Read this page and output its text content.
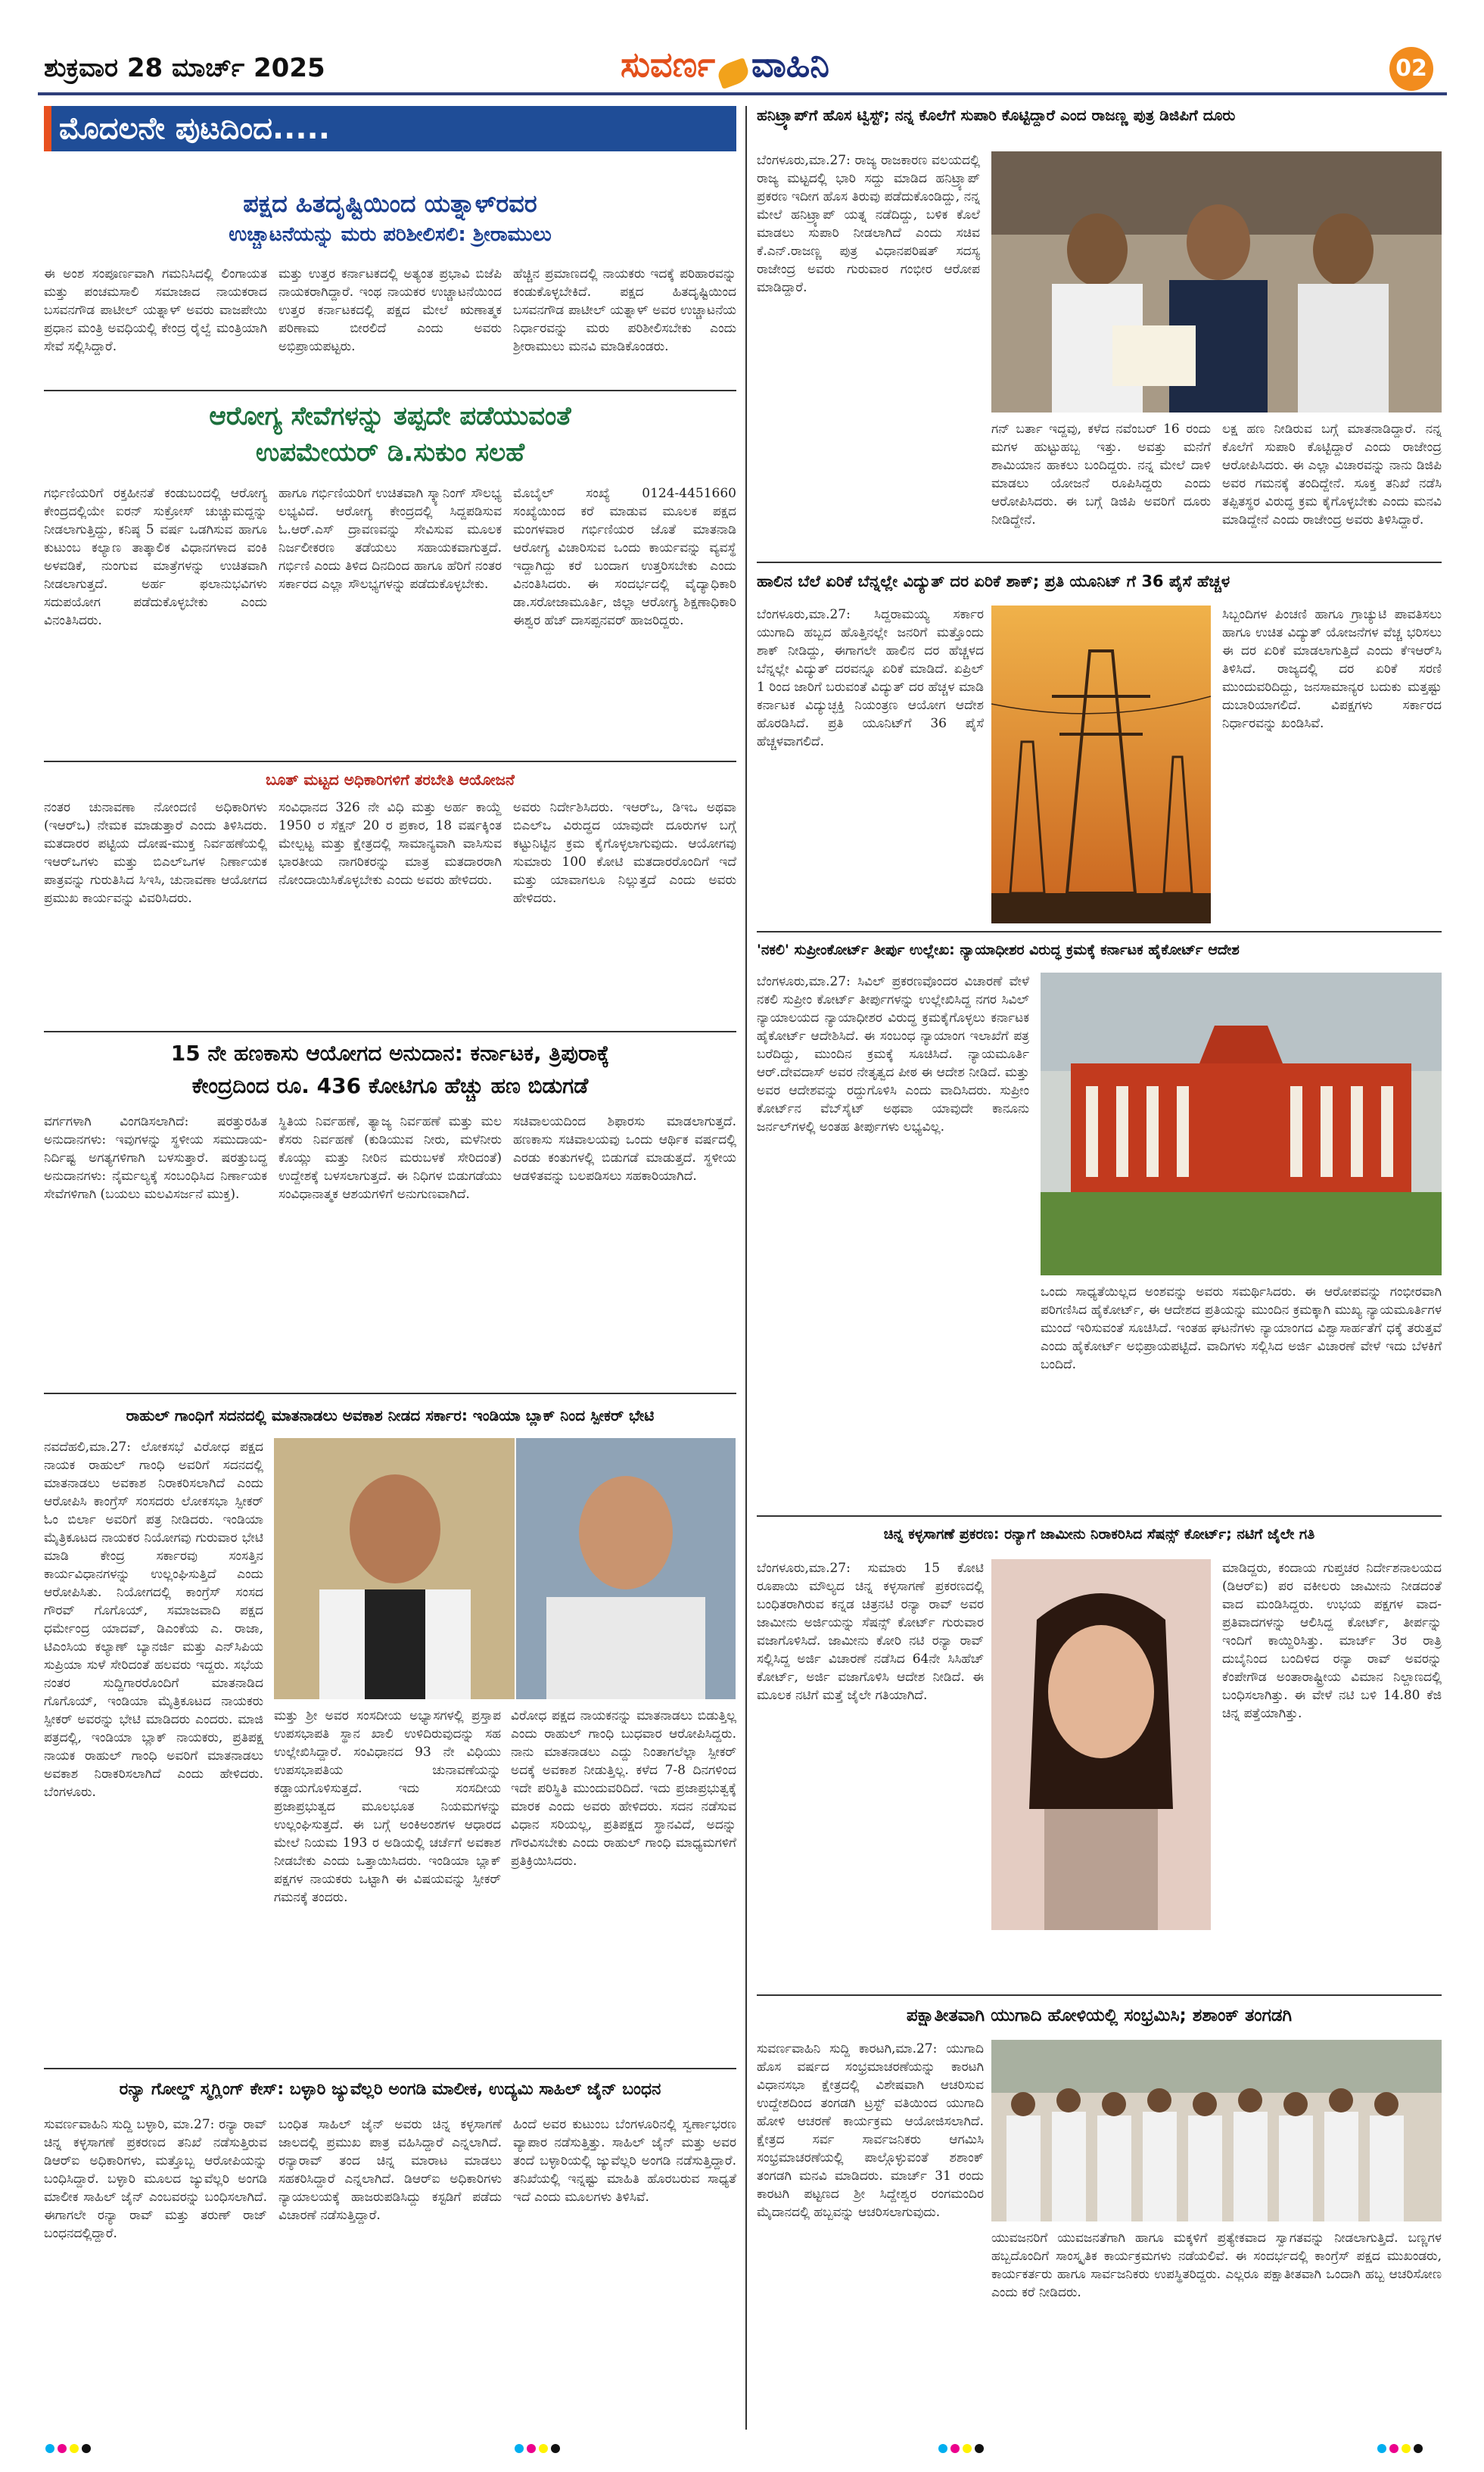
ಶುಕ್ರವಾರ 28 ಮಾರ್ಚ್ 2025	ಸುವರ್ಣ ವಾಹಿನಿ	02
ಮೊದಲನೇ ಪುಟದಿಂದ.....
ಪಕ್ಷದ ಹಿತದೃಷ್ಟಿಯಿಂದ ಯತ್ನಾಳ್‌ರವರ
ಉಚ್ಚಾಟನೆಯನ್ನು ಮರು ಪರಿಶೀಲಿಸಲಿ: ಶ್ರೀರಾಮುಲು
ಈ ಅಂಶ ಸಂಪೂರ್ಣವಾಗಿ ಗಮನಿಸಿದಲ್ಲಿ ಲಿಂಗಾಯತ ಮತ್ತು ಪಂಚಮಸಾಲಿ ಸಮಾಜಾದ ನಾಯಕರಾದ ಬಸವನಗೌಡ ಪಾಟೀಲ್ ಯತ್ನಾಳ್ ಅವರು ವಾಜಪೇಯಿ ಪ್ರಧಾನ ಮಂತ್ರಿ ಅವಧಿಯಲ್ಲಿ ಕೇಂದ್ರ ರೈಲ್ವೆ ಮಂತ್ರಿಯಾಗಿ ಸೇವೆ ಸಲ್ಲಿಸಿದ್ದಾರೆ.
ಮತ್ತು ಉತ್ತರ ಕರ್ನಾಟಕದಲ್ಲಿ ಅತ್ಯಂತ ಪ್ರಭಾವಿ ಬಿಜೆಪಿ ನಾಯಕರಾಗಿದ್ದಾರೆ. ಇಂಥ ನಾಯಕರ ಉಚ್ಚಾಟನೆಯಿಂದ ಉತ್ತರ ಕರ್ನಾಟಕದಲ್ಲಿ ಪಕ್ಷದ ಮೇಲೆ ಋಣಾತ್ಮಕ ಪರಿಣಾಮ ಬೀರಲಿದೆ ಎಂದು ಅವರು ಅಭಿಪ್ರಾಯಪಟ್ಟರು.
ಹೆಚ್ಚಿನ ಪ್ರಮಾಣದಲ್ಲಿ ನಾಯಕರು ಇದಕ್ಕೆ ಪರಿಹಾರವನ್ನು ಕಂಡುಕೊಳ್ಳಬೇಕಿದೆ. ಪಕ್ಷದ ಹಿತದೃಷ್ಟಿಯಿಂದ ಬಸವನಗೌಡ ಪಾಟೀಲ್ ಯತ್ನಾಳ್ ಅವರ ಉಚ್ಚಾಟನೆಯ ನಿರ್ಧಾರವನ್ನು ಮರು ಪರಿಶೀಲಿಸಬೇಕು ಎಂದು ಶ್ರೀರಾಮುಲು ಮನವಿ ಮಾಡಿಕೊಂಡರು.
ಆರೋಗ್ಯ ಸೇವೆಗಳನ್ನು ತಪ್ಪದೇ ಪಡೆಯುವಂತೆ
ಉಪಮೇಯರ್ ಡಿ.ಸುಕುಂ ಸಲಹೆ
ಗರ್ಭಿಣಿಯರಿಗೆ ರಕ್ತಹೀನತೆ ಕಂಡುಬಂದಲ್ಲಿ ಆರೋಗ್ಯ ಕೇಂದ್ರದಲ್ಲಿಯೇ ಐರನ್ ಸುಕ್ರೋಸ್ ಚುಚ್ಚುಮದ್ದನ್ನು ನೀಡಲಾಗುತ್ತಿದ್ದು, ಕನಿಷ್ಠ 5 ವರ್ಷ ಒಡಗಿಸುವ ಹಾಗೂ ಕುಟುಂಬ ಕಲ್ಯಾಣ ತಾತ್ಕಾಲಿಕ ವಿಧಾನಗಳಾದ ವಂಕಿ ಅಳವಡಿಕೆ, ನುಂಗುವ ಮಾತ್ರೆಗಳನ್ನು ಉಚಿತವಾಗಿ ನೀಡಲಾಗುತ್ತದೆ. ಅರ್ಹ ಫಲಾನುಭವಿಗಳು ಸದುಪಯೋಗ ಪಡೆದುಕೊಳ್ಳಬೇಕು ಎಂದು ವಿನಂತಿಸಿದರು.
ಹಾಗೂ ಗರ್ಭಿಣಿಯರಿಗೆ ಉಚಿತವಾಗಿ ಸ್ಕ್ಯಾನಿಂಗ್ ಸೌಲಭ್ಯ ಲಭ್ಯವಿದೆ. ಆರೋಗ್ಯ ಕೇಂದ್ರದಲ್ಲಿ ಸಿದ್ದಪಡಿಸುವ ಓ.ಆರ್.ಎಸ್ ದ್ರಾವಣವನ್ನು ಸೇವಿಸುವ ಮೂಲಕ ನಿರ್ಜಲೀಕರಣ ತಡೆಯಲು ಸಹಾಯಕವಾಗುತ್ತದೆ. ಗರ್ಭಿಣಿ ಎಂದು ತಿಳಿದ ದಿನದಿಂದ ಹಾಗೂ ಹೆರಿಗೆ ನಂತರ ಸರ್ಕಾರದ ಎಲ್ಲಾ ಸೌಲಭ್ಯಗಳನ್ನು ಪಡೆದುಕೊಳ್ಳಬೇಕು.
ಮೊಬೈಲ್ ಸಂಖ್ಯೆ 0124-4451660 ಸಂಖ್ಯೆಯಿಂದ ಕರೆ ಮಾಡುವ ಮೂಲಕ ಪಕ್ಷದ ಮಂಗಳವಾರ ಗರ್ಭಿಣಿಯರ ಜೊತೆ ಮಾತನಾಡಿ ಆರೋಗ್ಯ ವಿಚಾರಿಸುವ ಒಂದು ಕಾರ್ಯವನ್ನು ವ್ಯವಸ್ಥೆ ಇದ್ದಾಗಿದ್ದು ಕರೆ ಬಂದಾಗ ಉತ್ತರಿಸಬೇಕು ಎಂದು ವಿನಂತಿಸಿದರು. ಈ ಸಂದರ್ಭದಲ್ಲಿ ವೈದ್ಯಾಧಿಕಾರಿ ಡಾ.ಸರೋಜಾಮೂರ್ತಿ, ಜಿಲ್ಲಾ ಆರೋಗ್ಯ ಶಿಕ್ಷಣಾಧಿಕಾರಿ ಈಶ್ವರ ಹೆಚ್ ದಾಸಪ್ಪನವರ್ ಹಾಜರಿದ್ದರು.
ಬೂತ್ ಮಟ್ಟದ ಅಧಿಕಾರಿಗಳಿಗೆ ತರಬೇತಿ ಆಯೋಜನೆ
ನಂತರ ಚುನಾವಣಾ ನೋಂದಣಿ ಅಧಿಕಾರಿಗಳು (ಇಆರ್‌ಒ) ನೇಮಕ ಮಾಡುತ್ತಾರೆ ಎಂದು ತಿಳಿಸಿದರು. ಮತದಾರರ ಪಟ್ಟಿಯ ದೋಷ-ಮುಕ್ತ ನಿರ್ವಹಣೆಯಲ್ಲಿ ಇಆರ್‌ಒಗಳು ಮತ್ತು ಬಿಎಲ್‌ಒಗಳ ನಿರ್ಣಾಯಕ ಪಾತ್ರವನ್ನು ಗುರುತಿಸಿದ ಸಿಇಸಿ, ಚುನಾವಣಾ ಆಯೋಗದ ಪ್ರಮುಖ ಕಾರ್ಯವನ್ನು ವಿವರಿಸಿದರು.
ಸಂವಿಧಾನದ 326 ನೇ ವಿಧಿ ಮತ್ತು ಅರ್ಹ ಕಾಯ್ದೆ 1950 ರ ಸೆಕ್ಷನ್ 20 ರ ಪ್ರಕಾರ, 18 ವರ್ಷಕ್ಕಿಂತ ಮೇಲ್ಪಟ್ಟ ಮತ್ತು ಕ್ಷೇತ್ರದಲ್ಲಿ ಸಾಮಾನ್ಯವಾಗಿ ವಾಸಿಸುವ ಭಾರತೀಯ ನಾಗರಿಕರನ್ನು ಮಾತ್ರ ಮತದಾರರಾಗಿ ನೋಂದಾಯಿಸಿಕೊಳ್ಳಬೇಕು ಎಂದು ಅವರು ಹೇಳಿದರು.
ಅವರು ನಿರ್ದೇಶಿಸಿದರು. ಇಆರ್‌ಒ, ಡಿಇಒ ಅಥವಾ ಬಿಎಲ್‌ಒ ವಿರುದ್ಧದ ಯಾವುದೇ ದೂರುಗಳ ಬಗ್ಗೆ ಕಟ್ಟುನಿಟ್ಟಿನ ಕ್ರಮ ಕೈಗೊಳ್ಳಲಾಗುವುದು. ಆಯೋಗವು ಸುಮಾರು 100 ಕೋಟಿ ಮತದಾರರೊಂದಿಗೆ ಇದೆ ಮತ್ತು ಯಾವಾಗಲೂ ನಿಲ್ಲುತ್ತದೆ ಎಂದು ಅವರು ಹೇಳಿದರು.
15 ನೇ ಹಣಕಾಸು ಆಯೋಗದ ಅನುದಾನ: ಕರ್ನಾಟಕ, ತ್ರಿಪುರಾಕ್ಕೆ
ಕೇಂದ್ರದಿಂದ ರೂ. 436 ಕೋಟಿಗೂ ಹೆಚ್ಚು ಹಣ ಬಿಡುಗಡೆ
ವರ್ಗಗಳಾಗಿ ವಿಂಗಡಿಸಲಾಗಿದೆ: ಷರತ್ತುರಹಿತ ಅನುದಾನಗಳು: ಇವುಗಳನ್ನು ಸ್ಥಳೀಯ ಸಮುದಾಯ-ನಿರ್ದಿಷ್ಟ ಅಗತ್ಯಗಳಿಗಾಗಿ ಬಳಸುತ್ತಾರೆ. ಷರತ್ತುಬದ್ಧ ಅನುದಾನಗಳು: ನೈರ್ಮಲ್ಯಕ್ಕೆ ಸಂಬಂಧಿಸಿದ ನಿರ್ಣಾಯಕ ಸೇವೆಗಳಿಗಾಗಿ (ಬಯಲು ಮಲವಿಸರ್ಜನೆ ಮುಕ್ತ).
ಸ್ಥಿತಿಯ ನಿರ್ವಹಣೆ, ತ್ಯಾಜ್ಯ ನಿರ್ವಹಣೆ ಮತ್ತು ಮಲ ಕೆಸರು ನಿರ್ವಹಣೆ (ಕುಡಿಯುವ ನೀರು, ಮಳೆನೀರು ಕೊಯ್ಲು ಮತ್ತು ನೀರಿನ ಮರುಬಳಕೆ ಸೇರಿದಂತೆ) ಉದ್ದೇಶಕ್ಕೆ ಬಳಸಲಾಗುತ್ತದೆ. ಈ ನಿಧಿಗಳ ಬಿಡುಗಡೆಯು ಸಂವಿಧಾನಾತ್ಮಕ ಆಶಯಗಳಿಗೆ ಅನುಗುಣವಾಗಿದೆ.
ಸಚಿವಾಲಯದಿಂದ ಶಿಫಾರಸು ಮಾಡಲಾಗುತ್ತದೆ. ಹಣಕಾಸು ಸಚಿವಾಲಯವು ಒಂದು ಆರ್ಥಿಕ ವರ್ಷದಲ್ಲಿ ಎರಡು ಕಂತುಗಳಲ್ಲಿ ಬಿಡುಗಡೆ ಮಾಡುತ್ತದೆ. ಸ್ಥಳೀಯ ಆಡಳಿತವನ್ನು ಬಲಪಡಿಸಲು ಸಹಕಾರಿಯಾಗಿದೆ.
ರಾಹುಲ್ ಗಾಂಧಿಗೆ ಸದನದಲ್ಲಿ ಮಾತನಾಡಲು ಅವಕಾಶ ನೀಡದ ಸರ್ಕಾರ: ಇಂಡಿಯಾ ಬ್ಲಾಕ್ ನಿಂದ ಸ್ಪೀಕರ್ ಭೇಟಿ
ನವದೆಹಲಿ,ಮಾ.27: ಲೋಕಸಭೆ ವಿರೋಧ ಪಕ್ಷದ ನಾಯಕ ರಾಹುಲ್ ಗಾಂಧಿ ಅವರಿಗೆ ಸದನದಲ್ಲಿ ಮಾತನಾಡಲು ಅವಕಾಶ ನಿರಾಕರಿಸಲಾಗಿದೆ ಎಂದು ಆರೋಪಿಸಿ ಕಾಂಗ್ರೆಸ್ ಸಂಸದರು ಲೋಕಸಭಾ ಸ್ಪೀಕರ್ ಓಂ ಬಿರ್ಲಾ ಅವರಿಗೆ ಪತ್ರ ನೀಡಿದರು. ಇಂಡಿಯಾ ಮೈತ್ರಿಕೂಟದ ನಾಯಕರ ನಿಯೋಗವು ಗುರುವಾರ ಭೇಟಿ ಮಾಡಿ ಕೇಂದ್ರ ಸರ್ಕಾರವು ಸಂಸತ್ತಿನ ಕಾರ್ಯವಿಧಾನಗಳನ್ನು ಉಲ್ಲಂಘಿಸುತ್ತಿದೆ ಎಂದು ಆರೋಪಿಸಿತು. ನಿಯೋಗದಲ್ಲಿ ಕಾಂಗ್ರೆಸ್ ಸಂಸದ ಗೌರವ್ ಗೊಗೊಯ್, ಸಮಾಜವಾದಿ ಪಕ್ಷದ ಧರ್ಮೇಂದ್ರ ಯಾದವ್, ಡಿಎಂಕೆಯ ಎ. ರಾಜಾ, ಟಿಎಂಸಿಯ ಕಲ್ಯಾಣ್ ಬ್ಯಾನರ್ಜಿ ಮತ್ತು ಎನ್‌ಸಿಪಿಯ ಸುಪ್ರಿಯಾ ಸುಳೆ ಸೇರಿದಂತೆ ಹಲವರು ಇದ್ದರು. ಸಭೆಯ ನಂತರ ಸುದ್ದಿಗಾರರೊಂದಿಗೆ ಮಾತನಾಡಿದ ಗೊಗೊಯ್, ಇಂಡಿಯಾ ಮೈತ್ರಿಕೂಟದ ನಾಯಕರು ಸ್ಪೀಕರ್ ಅವರನ್ನು ಭೇಟಿ ಮಾಡಿದರು ಎಂದರು. ಮಾಜಿ ಪತ್ರದಲ್ಲಿ, ಇಂಡಿಯಾ ಬ್ಲಾಕ್ ನಾಯಕರು, ಪ್ರತಿಪಕ್ಷ ನಾಯಕ ರಾಹುಲ್ ಗಾಂಧಿ ಅವರಿಗೆ ಮಾತನಾಡಲು ಅವಕಾಶ ನಿರಾಕರಿಸಲಾಗಿದೆ ಎಂದು ಹೇಳಿದರು. ಬೆಂಗಳೂರು.
ಮತ್ತು ಶ್ರೀ ಅವರ ಸಂಸದೀಯ ಅಭ್ಯಾಸಗಳಲ್ಲಿ ಪ್ರಸ್ತಾಪ ಉಪಸಭಾಪತಿ ಸ್ಥಾನ ಖಾಲಿ ಉಳಿದಿರುವುದನ್ನು ಸಹ ಉಲ್ಲೇಖಿಸಿದ್ದಾರೆ. ಸಂವಿಧಾನದ 93 ನೇ ವಿಧಿಯು ಉಪಸಭಾಪತಿಯ ಚುನಾವಣೆಯನ್ನು ಕಡ್ಡಾಯಗೊಳಿಸುತ್ತದೆ. ಇದು ಸಂಸದೀಯ ಪ್ರಜಾಪ್ರಭುತ್ವದ ಮೂಲಭೂತ ನಿಯಮಗಳನ್ನು ಉಲ್ಲಂಘಿಸುತ್ತದೆ. ಈ ಬಗ್ಗೆ ಅಂಕಿಅಂಶಗಳ ಆಧಾರದ ಮೇಲೆ ನಿಯಮ 193 ರ ಅಡಿಯಲ್ಲಿ ಚರ್ಚೆಗೆ ಅವಕಾಶ ನೀಡಬೇಕು ಎಂದು ಒತ್ತಾಯಿಸಿದರು. ಇಂಡಿಯಾ ಬ್ಲಾಕ್ ಪಕ್ಷಗಳ ನಾಯಕರು ಒಟ್ಟಾಗಿ ಈ ವಿಷಯವನ್ನು ಸ್ಪೀಕರ್ ಗಮನಕ್ಕೆ ತಂದರು.
ವಿರೋಧ ಪಕ್ಷದ ನಾಯಕನನ್ನು ಮಾತನಾಡಲು ಬಿಡುತ್ತಿಲ್ಲ ಎಂದು ರಾಹುಲ್ ಗಾಂಧಿ ಬುಧವಾರ ಆರೋಪಿಸಿದ್ದರು. ನಾನು ಮಾತನಾಡಲು ಎದ್ದು ನಿಂತಾಗಲೆಲ್ಲಾ ಸ್ಪೀಕರ್ ಅದಕ್ಕೆ ಅವಕಾಶ ನೀಡುತ್ತಿಲ್ಲ. ಕಳೆದ 7-8 ದಿನಗಳಿಂದ ಇದೇ ಪರಿಸ್ಥಿತಿ ಮುಂದುವರಿದಿದೆ. ಇದು ಪ್ರಜಾಪ್ರಭುತ್ವಕ್ಕೆ ಮಾರಕ ಎಂದು ಅವರು ಹೇಳಿದರು. ಸದನ ನಡೆಸುವ ವಿಧಾನ ಸರಿಯಲ್ಲ, ಪ್ರತಿಪಕ್ಷದ ಸ್ಥಾನವಿದೆ, ಅದನ್ನು ಗೌರವಿಸಬೇಕು ಎಂದು ರಾಹುಲ್ ಗಾಂಧಿ ಮಾಧ್ಯಮಗಳಿಗೆ ಪ್ರತಿಕ್ರಿಯಿಸಿದರು.
ರನ್ಯಾ ಗೋಲ್ಡ್ ಸ್ಮಗ್ಲಿಂಗ್ ಕೇಸ್: ಬಳ್ಳಾರಿ ಜ್ಯುವೆಲ್ಲರಿ ಅಂಗಡಿ ಮಾಲೀಕ, ಉದ್ಯಮಿ ಸಾಹಿಲ್ ಜೈನ್ ಬಂಧನ
ಸುವರ್ಣವಾಹಿನಿ ಸುದ್ದಿ ಬಳ್ಳಾರಿ, ಮಾ.27: ರನ್ಯಾ ರಾವ್ ಚಿನ್ನ ಕಳ್ಳಸಾಗಣೆ ಪ್ರಕರಣದ ತನಿಖೆ ನಡೆಸುತ್ತಿರುವ ಡಿಆರ್‌ಐ ಅಧಿಕಾರಿಗಳು, ಮತ್ತೊಬ್ಬ ಆರೋಪಿಯನ್ನು ಬಂಧಿಸಿದ್ದಾರೆ. ಬಳ್ಳಾರಿ ಮೂಲದ ಜ್ಯುವೆಲ್ಲರಿ ಅಂಗಡಿ ಮಾಲೀಕ ಸಾಹಿಲ್ ಜೈನ್ ಎಂಬವರನ್ನು ಬಂಧಿಸಲಾಗಿದೆ. ಈಗಾಗಲೇ ರನ್ಯಾ ರಾವ್ ಮತ್ತು ತರುಣ್ ರಾಜ್ ಬಂಧನದಲ್ಲಿದ್ದಾರೆ.
ಬಂಧಿತ ಸಾಹಿಲ್ ಜೈನ್ ಅವರು ಚಿನ್ನ ಕಳ್ಳಸಾಗಣೆ ಜಾಲದಲ್ಲಿ ಪ್ರಮುಖ ಪಾತ್ರ ವಹಿಸಿದ್ದಾರೆ ಎನ್ನಲಾಗಿದೆ. ರನ್ಯಾರಾವ್ ತಂದ ಚಿನ್ನ ಮಾರಾಟ ಮಾಡಲು ಸಹಕರಿಸಿದ್ದಾರೆ ಎನ್ನಲಾಗಿದೆ. ಡಿಆರ್‌ಐ ಅಧಿಕಾರಿಗಳು ನ್ಯಾಯಾಲಯಕ್ಕೆ ಹಾಜರುಪಡಿಸಿದ್ದು ಕಸ್ಟಡಿಗೆ ಪಡೆದು ವಿಚಾರಣೆ ನಡೆಸುತ್ತಿದ್ದಾರೆ.
ಹಿಂದೆ ಅವರ ಕುಟುಂಬ ಬೆಂಗಳೂರಿನಲ್ಲಿ ಸ್ವರ್ಣಾಭರಣ ವ್ಯಾಪಾರ ನಡೆಸುತ್ತಿತ್ತು. ಸಾಹಿಲ್ ಜೈನ್ ಮತ್ತು ಅವರ ತಂದೆ ಬಳ್ಳಾರಿಯಲ್ಲಿ ಜ್ಯುವೆಲ್ಲರಿ ಅಂಗಡಿ ನಡೆಸುತ್ತಿದ್ದಾರೆ. ತನಿಖೆಯಲ್ಲಿ ಇನ್ನಷ್ಟು ಮಾಹಿತಿ ಹೊರಬರುವ ಸಾಧ್ಯತೆ ಇದೆ ಎಂದು ಮೂಲಗಳು ತಿಳಿಸಿವೆ.
ಹನಿಟ್ರ್ಯಾಪ್‌ಗೆ ಹೊಸ ಟ್ವಿಸ್ಟ್; ನನ್ನ ಕೊಲೆಗೆ ಸುಪಾರಿ ಕೊಟ್ಟಿದ್ದಾರೆ ಎಂದ ರಾಜಣ್ಣ ಪುತ್ರ ಡಿಜಿಪಿಗೆ ದೂರು
ಬೆಂಗಳೂರು,ಮಾ.27: ರಾಜ್ಯ ರಾಜಕಾರಣ ವಲಯದಲ್ಲಿ ರಾಜ್ಯ ಮಟ್ಟದಲ್ಲಿ ಭಾರಿ ಸದ್ದು ಮಾಡಿದ ಹನಿಟ್ರ್ಯಾಪ್ ಪ್ರಕರಣ ಇದೀಗ ಹೊಸ ತಿರುವು ಪಡೆದುಕೊಂಡಿದ್ದು, ನನ್ನ ಮೇಲೆ ಹನಿಟ್ರ್ಯಾಪ್ ಯತ್ನ ನಡೆದಿದ್ದು, ಬಳಿಕ ಕೊಲೆ ಮಾಡಲು ಸುಪಾರಿ ನೀಡಲಾಗಿದೆ ಎಂದು ಸಚಿವ ಕೆ.ಎನ್.ರಾಜಣ್ಣ ಪುತ್ರ ವಿಧಾನಪರಿಷತ್ ಸದಸ್ಯ ರಾಜೇಂದ್ರ ಅವರು ಗುರುವಾರ ಗಂಭೀರ ಆರೋಪ ಮಾಡಿದ್ದಾರೆ.
ಗನ್ ಬರ್ತಾ ಇದ್ದವು, ಕಳೆದ ನವೆಂಬರ್ 16 ರಂದು ಮಗಳ ಹುಟ್ಟುಹಬ್ಬ ಇತ್ತು. ಅವತ್ತು ಮನೆಗೆ ಶಾಮಿಯಾನ ಹಾಕಲು ಬಂದಿದ್ದರು. ನನ್ನ ಮೇಲೆ ದಾಳಿ ಮಾಡಲು ಯೋಜನೆ ರೂಪಿಸಿದ್ದರು ಎಂದು ಆರೋಪಿಸಿದರು. ಈ ಬಗ್ಗೆ ಡಿಜಿಪಿ ಅವರಿಗೆ ದೂರು ನೀಡಿದ್ದೇನೆ.
ಲಕ್ಷ ಹಣ ನೀಡಿರುವ ಬಗ್ಗೆ ಮಾತನಾಡಿದ್ದಾರೆ. ನನ್ನ ಕೊಲೆಗೆ ಸುಪಾರಿ ಕೊಟ್ಟಿದ್ದಾರೆ ಎಂದು ರಾಜೇಂದ್ರ ಆರೋಪಿಸಿದರು. ಈ ಎಲ್ಲಾ ವಿಚಾರವನ್ನು ನಾನು ಡಿಜಿಪಿ ಅವರ ಗಮನಕ್ಕೆ ತಂದಿದ್ದೇನೆ. ಸೂಕ್ತ ತನಿಖೆ ನಡೆಸಿ ತಪ್ಪಿತಸ್ಥರ ವಿರುದ್ಧ ಕ್ರಮ ಕೈಗೊಳ್ಳಬೇಕು ಎಂದು ಮನವಿ ಮಾಡಿದ್ದೇನೆ ಎಂದು ರಾಜೇಂದ್ರ ಅವರು ತಿಳಿಸಿದ್ದಾರೆ.
ಹಾಲಿನ ಬೆಲೆ ಏರಿಕೆ ಬೆನ್ನಲ್ಲೇ ವಿದ್ಯುತ್ ದರ ಏರಿಕೆ ಶಾಕ್; ಪ್ರತಿ ಯೂನಿಟ್ ಗೆ 36 ಪೈಸೆ ಹೆಚ್ಚಳ
ಬೆಂಗಳೂರು,ಮಾ.27: ಸಿದ್ದರಾಮಯ್ಯ ಸರ್ಕಾರ ಯುಗಾದಿ ಹಬ್ಬದ ಹೊತ್ತಿನಲ್ಲೇ ಜನರಿಗೆ ಮತ್ತೊಂದು ಶಾಕ್ ನೀಡಿದ್ದು, ಈಗಾಗಲೇ ಹಾಲಿನ ದರ ಹೆಚ್ಚಳದ ಬೆನ್ನಲ್ಲೇ ವಿದ್ಯುತ್ ದರವನ್ನೂ ಏರಿಕೆ ಮಾಡಿದೆ. ಏಪ್ರಿಲ್ 1 ರಿಂದ ಜಾರಿಗೆ ಬರುವಂತೆ ವಿದ್ಯುತ್ ದರ ಹೆಚ್ಚಳ ಮಾಡಿ ಕರ್ನಾಟಕ ವಿದ್ಯುಚ್ಛಕ್ತಿ ನಿಯಂತ್ರಣ ಆಯೋಗ ಆದೇಶ ಹೊರಡಿಸಿದೆ. ಪ್ರತಿ ಯೂನಿಟ್‌ಗೆ 36 ಪೈಸೆ ಹೆಚ್ಚಳವಾಗಲಿದೆ.
ಸಿಬ್ಬಂದಿಗಳ ಪಿಂಚಣಿ ಹಾಗೂ ಗ್ರಾಚ್ಯುಟಿ ಪಾವತಿಸಲು ಹಾಗೂ ಉಚಿತ ವಿದ್ಯುತ್ ಯೋಜನೆಗಳ ವೆಚ್ಚ ಭರಿಸಲು ಈ ದರ ಏರಿಕೆ ಮಾಡಲಾಗುತ್ತಿದೆ ಎಂದು ಕೆಇಆರ್‌ಸಿ ತಿಳಿಸಿದೆ. ರಾಜ್ಯದಲ್ಲಿ ದರ ಏರಿಕೆ ಸರಣಿ ಮುಂದುವರಿದಿದ್ದು, ಜನಸಾಮಾನ್ಯರ ಬದುಕು ಮತ್ತಷ್ಟು ದುಬಾರಿಯಾಗಲಿದೆ. ವಿಪಕ್ಷಗಳು ಸರ್ಕಾರದ ನಿರ್ಧಾರವನ್ನು ಖಂಡಿಸಿವೆ.
'ನಕಲಿ' ಸುಪ್ರೀಂಕೋರ್ಟ್ ತೀರ್ಪು ಉಲ್ಲೇಖ: ನ್ಯಾಯಾಧೀಶರ ವಿರುದ್ಧ ಕ್ರಮಕ್ಕೆ ಕರ್ನಾಟಕ ಹೈಕೋರ್ಟ್ ಆದೇಶ
ಬೆಂಗಳೂರು,ಮಾ.27: ಸಿವಿಲ್ ಪ್ರಕರಣವೊಂದರ ವಿಚಾರಣೆ ವೇಳೆ ನಕಲಿ ಸುಪ್ರೀಂ ಕೋರ್ಟ್ ತೀರ್ಪುಗಳನ್ನು ಉಲ್ಲೇಖಿಸಿದ್ದ ನಗರ ಸಿವಿಲ್ ನ್ಯಾಯಾಲಯದ ನ್ಯಾಯಾಧೀಶರ ವಿರುದ್ಧ ಕ್ರಮಕೈಗೊಳ್ಳಲು ಕರ್ನಾಟಕ ಹೈಕೋರ್ಟ್ ಆದೇಶಿಸಿದೆ. ಈ ಸಂಬಂಧ ನ್ಯಾಯಾಂಗ ಇಲಾಖೆಗೆ ಪತ್ರ ಬರೆದಿದ್ದು, ಮುಂದಿನ ಕ್ರಮಕ್ಕೆ ಸೂಚಿಸಿದೆ. ನ್ಯಾಯಮೂರ್ತಿ ಆರ್.ದೇವದಾಸ್ ಅವರ ನೇತೃತ್ವದ ಪೀಠ ಈ ಆದೇಶ ನೀಡಿದೆ. ಮತ್ತು ಅವರ ಆದೇಶವನ್ನು ರದ್ದುಗೊಳಿಸಿ ಎಂದು ವಾದಿಸಿದರು. ಸುಪ್ರೀಂ ಕೋರ್ಟ್‌ನ ವೆಬ್‌ಸೈಟ್ ಅಥವಾ ಯಾವುದೇ ಕಾನೂನು ಜರ್ನಲ್‌ಗಳಲ್ಲಿ ಅಂತಹ ತೀರ್ಪುಗಳು ಲಭ್ಯವಿಲ್ಲ.
ಒಂದು ಸಾಧ್ಯತೆಯಿಲ್ಲದ ಅಂಶವನ್ನು ಅವರು ಸಮರ್ಥಿಸಿದರು. ಈ ಆರೋಪವನ್ನು ಗಂಭೀರವಾಗಿ ಪರಿಗಣಿಸಿದ ಹೈಕೋರ್ಟ್, ಈ ಆದೇಶದ ಪ್ರತಿಯನ್ನು ಮುಂದಿನ ಕ್ರಮಕ್ಕಾಗಿ ಮುಖ್ಯ ನ್ಯಾಯಮೂರ್ತಿಗಳ ಮುಂದೆ ಇರಿಸುವಂತೆ ಸೂಚಿಸಿದೆ. ಇಂತಹ ಘಟನೆಗಳು ನ್ಯಾಯಾಂಗದ ವಿಶ್ವಾಸಾರ್ಹತೆಗೆ ಧಕ್ಕೆ ತರುತ್ತವೆ ಎಂದು ಹೈಕೋರ್ಟ್ ಅಭಿಪ್ರಾಯಪಟ್ಟಿದೆ. ವಾದಿಗಳು ಸಲ್ಲಿಸಿದ ಅರ್ಜಿ ವಿಚಾರಣೆ ವೇಳೆ ಇದು ಬೆಳಕಿಗೆ ಬಂದಿದೆ.
ಚಿನ್ನ ಕಳ್ಳಸಾಗಣೆ ಪ್ರಕರಣ: ರನ್ಯಾಗೆ ಜಾಮೀನು ನಿರಾಕರಿಸಿದ ಸೆಷನ್ಸ್ ಕೋರ್ಟ್; ನಟಿಗೆ ಜೈಲೇ ಗತಿ
ಬೆಂಗಳೂರು,ಮಾ.27: ಸುಮಾರು 15 ಕೋಟಿ ರೂಪಾಯಿ ಮೌಲ್ಯದ ಚಿನ್ನ ಕಳ್ಳಸಾಗಣೆ ಪ್ರಕರಣದಲ್ಲಿ ಬಂಧಿತರಾಗಿರುವ ಕನ್ನಡ ಚಿತ್ರನಟಿ ರನ್ಯಾ ರಾವ್ ಅವರ ಜಾಮೀನು ಅರ್ಜಿಯನ್ನು ಸೆಷನ್ಸ್ ಕೋರ್ಟ್ ಗುರುವಾರ ವಜಾಗೊಳಿಸಿದೆ. ಜಾಮೀನು ಕೋರಿ ನಟಿ ರನ್ಯಾ ರಾವ್ ಸಲ್ಲಿಸಿದ್ದ ಅರ್ಜಿ ವಿಚಾರಣೆ ನಡೆಸಿದ 64ನೇ ಸಿಸಿಹೆಚ್ ಕೋರ್ಟ್, ಅರ್ಜಿ ವಜಾಗೊಳಿಸಿ ಆದೇಶ ನೀಡಿದೆ. ಈ ಮೂಲಕ ನಟಿಗೆ ಮತ್ತೆ ಜೈಲೇ ಗತಿಯಾಗಿದೆ.
ಮಾಡಿದ್ದರು, ಕಂದಾಯ ಗುಪ್ತಚರ ನಿರ್ದೇಶನಾಲಯದ (ಡಿಆರ್‌ಐ) ಪರ ವಕೀಲರು ಜಾಮೀನು ನೀಡದಂತೆ ವಾದ ಮಂಡಿಸಿದ್ದರು. ಉಭಯ ಪಕ್ಷಗಳ ವಾದ-ಪ್ರತಿವಾದಗಳನ್ನು ಆಲಿಸಿದ್ದ ಕೋರ್ಟ್, ತೀರ್ಪನ್ನು ಇಂದಿಗೆ ಕಾಯ್ದಿರಿಸಿತ್ತು. ಮಾರ್ಚ್ 3ರ ರಾತ್ರಿ ದುಬೈನಿಂದ ಬಂದಿಳಿದ ರನ್ಯಾ ರಾವ್ ಅವರನ್ನು ಕೆಂಪೇಗೌಡ ಅಂತಾರಾಷ್ಟ್ರೀಯ ವಿಮಾನ ನಿಲ್ದಾಣದಲ್ಲಿ ಬಂಧಿಸಲಾಗಿತ್ತು. ಈ ವೇಳೆ ನಟಿ ಬಳಿ 14.80 ಕೆಜಿ ಚಿನ್ನ ಪತ್ತೆಯಾಗಿತ್ತು.
ಪಕ್ಷಾತೀತವಾಗಿ ಯುಗಾದಿ ಹೋಳಿಯಲ್ಲಿ ಸಂಭ್ರಮಿಸಿ; ಶಶಾಂಕ್ ತಂಗಡಗಿ
ಸುವರ್ಣವಾಹಿನಿ ಸುದ್ದಿ ಕಾರಟಗಿ,ಮಾ.27: ಯುಗಾದಿ ಹೊಸ ವರ್ಷದ ಸಂಭ್ರಮಾಚರಣೆಯನ್ನು ಕಾರಟಗಿ ವಿಧಾನಸಭಾ ಕ್ಷೇತ್ರದಲ್ಲಿ ವಿಶೇಷವಾಗಿ ಆಚರಿಸುವ ಉದ್ದೇಶದಿಂದ ತಂಗಡಗಿ ಟ್ರಸ್ಟ್ ವತಿಯಿಂದ ಯುಗಾದಿ ಹೋಳಿ ಆಚರಣೆ ಕಾರ್ಯಕ್ರಮ ಆಯೋಜಿಸಲಾಗಿದೆ. ಕ್ಷೇತ್ರದ ಸರ್ವ ಸಾರ್ವಜನಿಕರು ಆಗಮಿಸಿ ಸಂಭ್ರಮಾಚರಣೆಯಲ್ಲಿ ಪಾಲ್ಗೊಳ್ಳುವಂತೆ ಶಶಾಂಕ್ ತಂಗಡಗಿ ಮನವಿ ಮಾಡಿದರು. ಮಾರ್ಚ್ 31 ರಂದು ಕಾರಟಗಿ ಪಟ್ಟಣದ ಶ್ರೀ ಸಿದ್ದೇಶ್ವರ ರಂಗಮಂದಿರ ಮೈದಾನದಲ್ಲಿ ಹಬ್ಬವನ್ನು ಆಚರಿಸಲಾಗುವುದು.
ಯುವಜನರಿಗೆ ಯುವಜನತೆಗಾಗಿ ಹಾಗೂ ಮಕ್ಕಳಿಗೆ ಪ್ರತ್ಯೇಕವಾದ ಸ್ವಾಗತವನ್ನು ನೀಡಲಾಗುತ್ತಿದೆ. ಬಣ್ಣಗಳ ಹಬ್ಬದೊಂದಿಗೆ ಸಾಂಸ್ಕೃತಿಕ ಕಾರ್ಯಕ್ರಮಗಳು ನಡೆಯಲಿವೆ. ಈ ಸಂದರ್ಭದಲ್ಲಿ ಕಾಂಗ್ರೆಸ್ ಪಕ್ಷದ ಮುಖಂಡರು, ಕಾರ್ಯಕರ್ತರು ಹಾಗೂ ಸಾರ್ವಜನಿಕರು ಉಪಸ್ಥಿತರಿದ್ದರು. ಎಲ್ಲರೂ ಪಕ್ಷಾತೀತವಾಗಿ ಒಂದಾಗಿ ಹಬ್ಬ ಆಚರಿಸೋಣ ಎಂದು ಕರೆ ನೀಡಿದರು.
